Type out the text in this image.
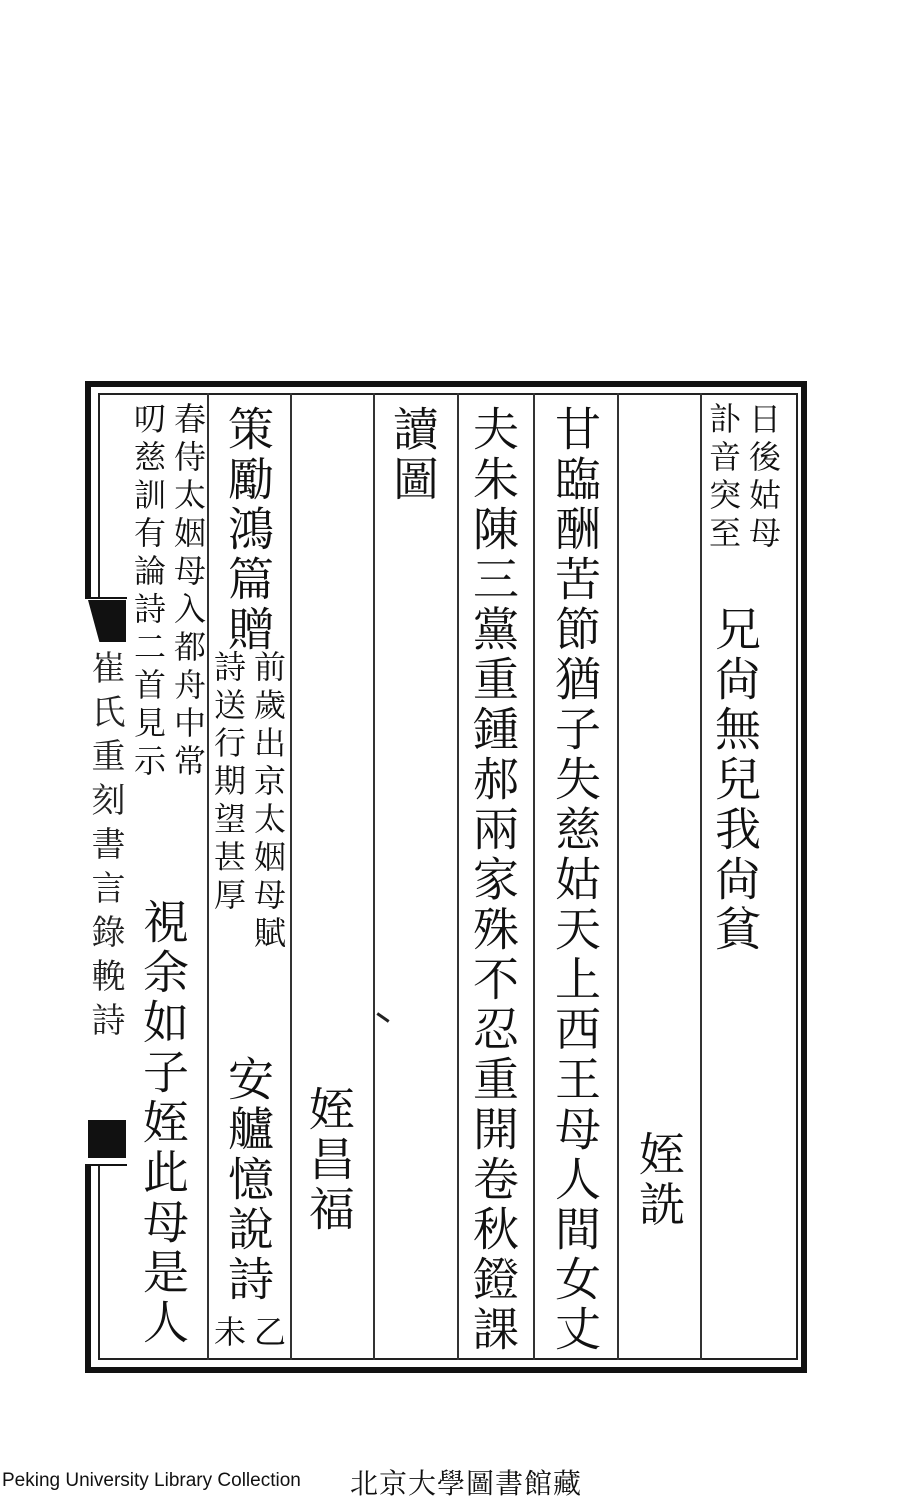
崔氏重刻書言錄輓詩
日後姑母
訃音突至
兄尙無兒我尙貧
姪詵
甘臨酬苦節猶子失慈姑天上西王母人間女丈
夫朱陳三黨重鍾郝兩家殊不忍重開卷秋鐙課
讀圖
姪昌福
策勵鴻篇贈
前歲出京太姻母賦
詩送行期望甚厚
安艫憶說詩
乙
未
春侍太姻母入都舟中常
叨慈訓有論詩二首見示
視余如子姪此母是人
Peking University Library Collection 北京大學圖書館藏
